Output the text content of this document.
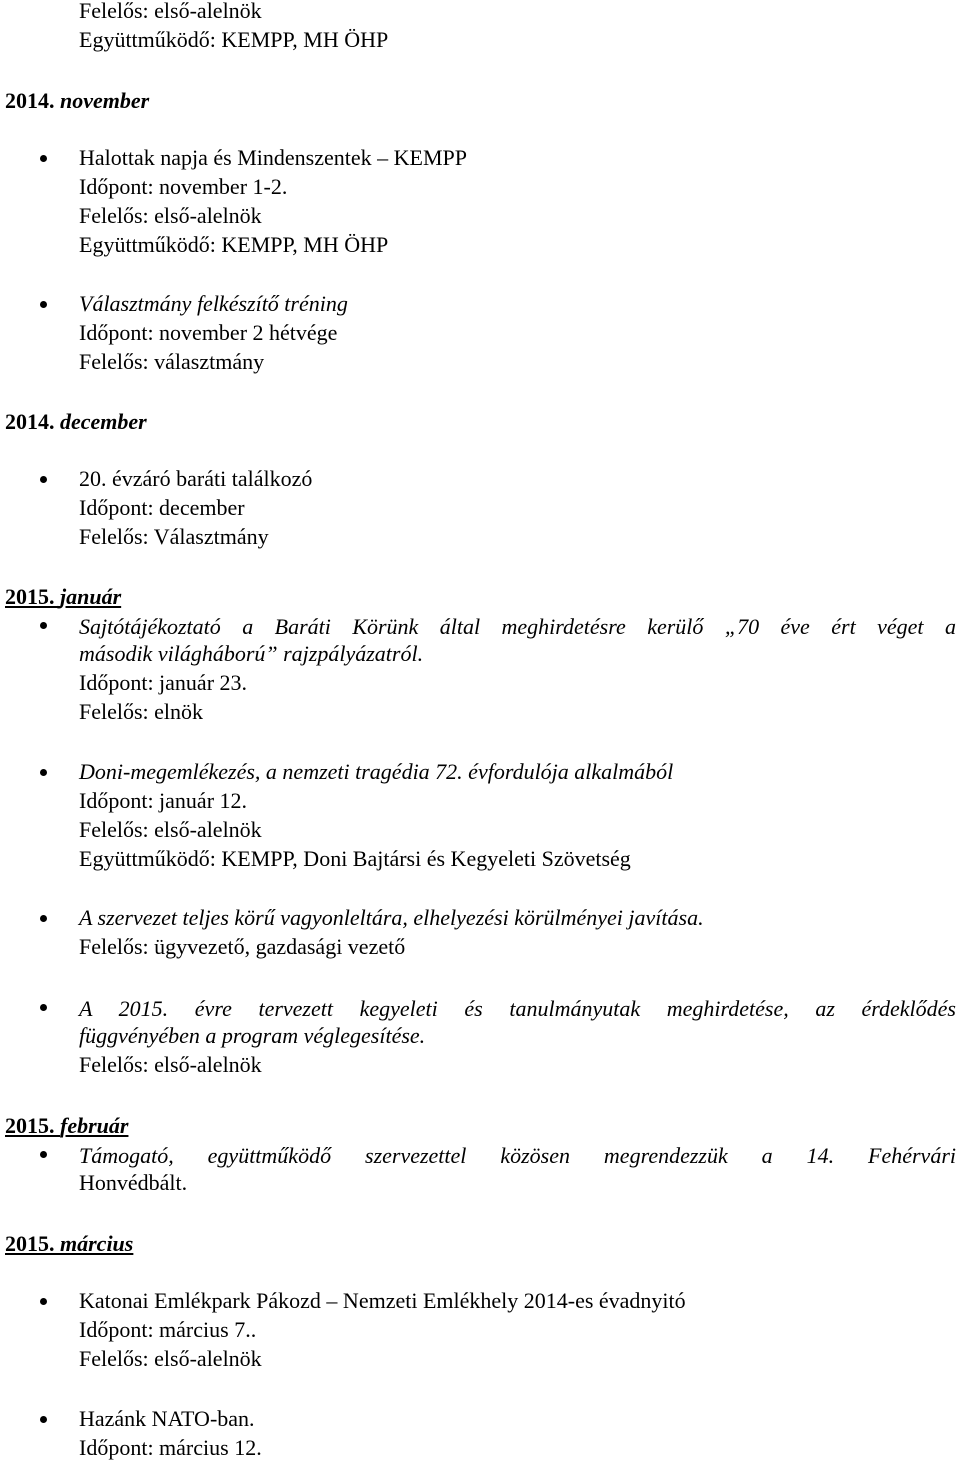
Felelős: első-alelnök
Együttműködő: KEMPP, MH ÖHP
2014. november
Halottak napja és Mindenszentek – KEMPP
Időpont: november 1-2.
Felelős: első-alelnök
Együttműködő: KEMPP, MH ÖHP
Választmány felkészítő tréning
Időpont: november 2 hétvége
Felelős: választmány
2014. december
20. évzáró baráti találkozó
Időpont: december
Felelős: Választmány
2015. január
Sajtótájékoztató a Baráti Körünk által meghirdetésre kerülő „70 éve ért véget a
második világháború” rajzpályázatról.
Időpont: január 23.
Felelős: elnök
Doni-megemlékezés, a nemzeti tragédia 72. évfordulója alkalmából
Időpont: január 12.
Felelős: első-alelnök
Együttműködő: KEMPP, Doni Bajtársi és Kegyeleti Szövetség
A szervezet teljes körű vagyonleltára, elhelyezési körülményei javítása.
Felelős: ügyvezető, gazdasági vezető
A 2015. évre tervezett kegyeleti és tanulmányutak meghirdetése, az érdeklődés
függvényében a program véglegesítése.
Felelős: első-alelnök
2015. február
Támogató, együttműködő szervezettel közösen megrendezzük a 14. Fehérvári
Honvédbált.
2015. március
Katonai Emlékpark Pákozd – Nemzeti Emlékhely 2014-es évadnyitó
Időpont: március 7..
Felelős: első-alelnök
Hazánk NATO-ban.
Időpont: március 12.
